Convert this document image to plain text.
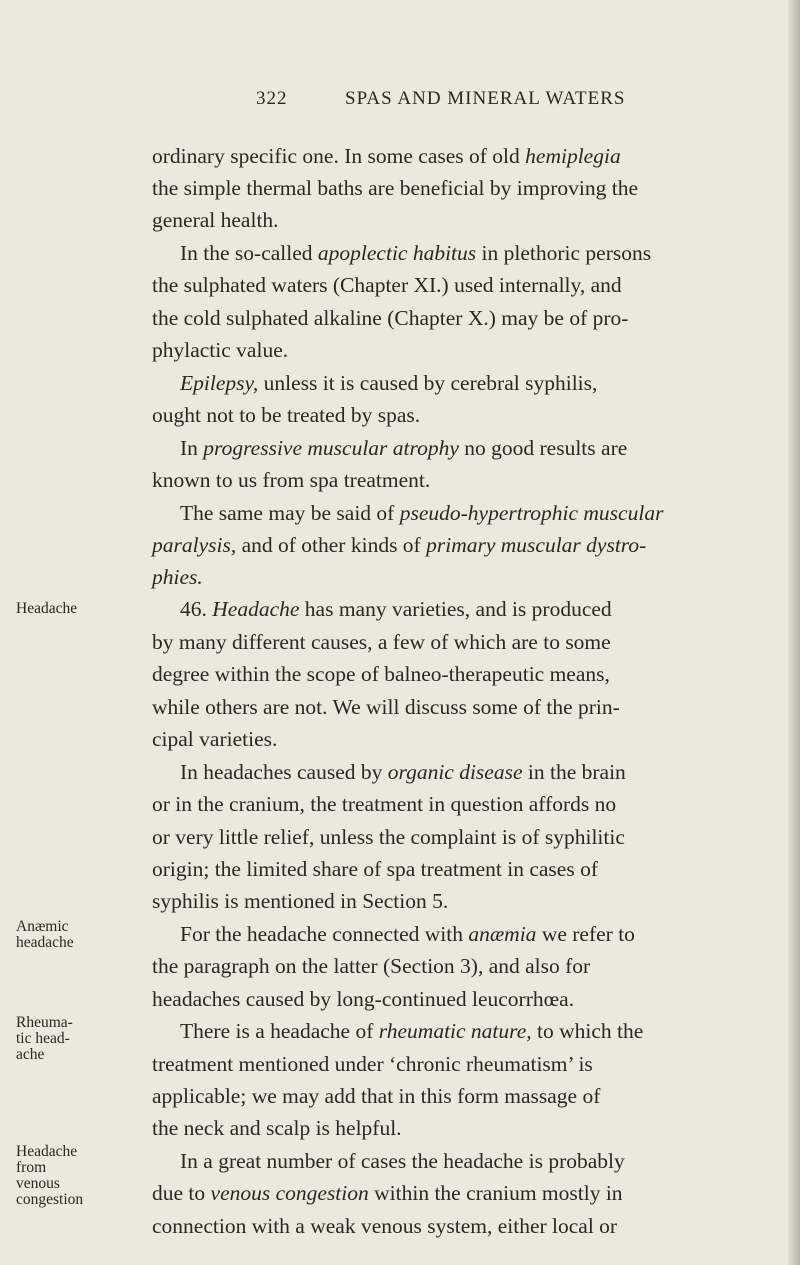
322	SPAS AND MINERAL WATERS
ordinary specific one. In some cases of old hemiplegia
the simple thermal baths are beneficial by improving the
general health.
In the so-called apoplectic habitus in plethoric persons
the sulphated waters (Chapter XI.) used internally, and
the cold sulphated alkaline (Chapter X.) may be of pro-
phylactic value.
Epilepsy, unless it is caused by cerebral syphilis,
ought not to be treated by spas.
In progressive muscular atrophy no good results are
known to us from spa treatment.
The same may be said of pseudo-hypertrophic muscular
paralysis, and of other kinds of primary muscular dystro-
phies.
46. Headache has many varieties, and is produced
by many different causes, a few of which are to some
degree within the scope of balneo-therapeutic means,
while others are not. We will discuss some of the prin-
cipal varieties.
In headaches caused by organic disease in the brain
or in the cranium, the treatment in question affords no
or very little relief, unless the complaint is of syphilitic
origin; the limited share of spa treatment in cases of
syphilis is mentioned in Section 5.
For the headache connected with anæmia we refer to
the paragraph on the latter (Section 3), and also for
headaches caused by long-continued leucorrhœa.
There is a headache of rheumatic nature, to which the
treatment mentioned under ‘chronic rheumatism’ is
applicable; we may add that in this form massage of
the neck and scalp is helpful.
In a great number of cases the headache is probably
due to venous congestion within the cranium mostly in
connection with a weak venous system, either local or
Headache
Anæmic
headache
Rheuma-
tic head-
ache
Headache
from
venous
congestion
